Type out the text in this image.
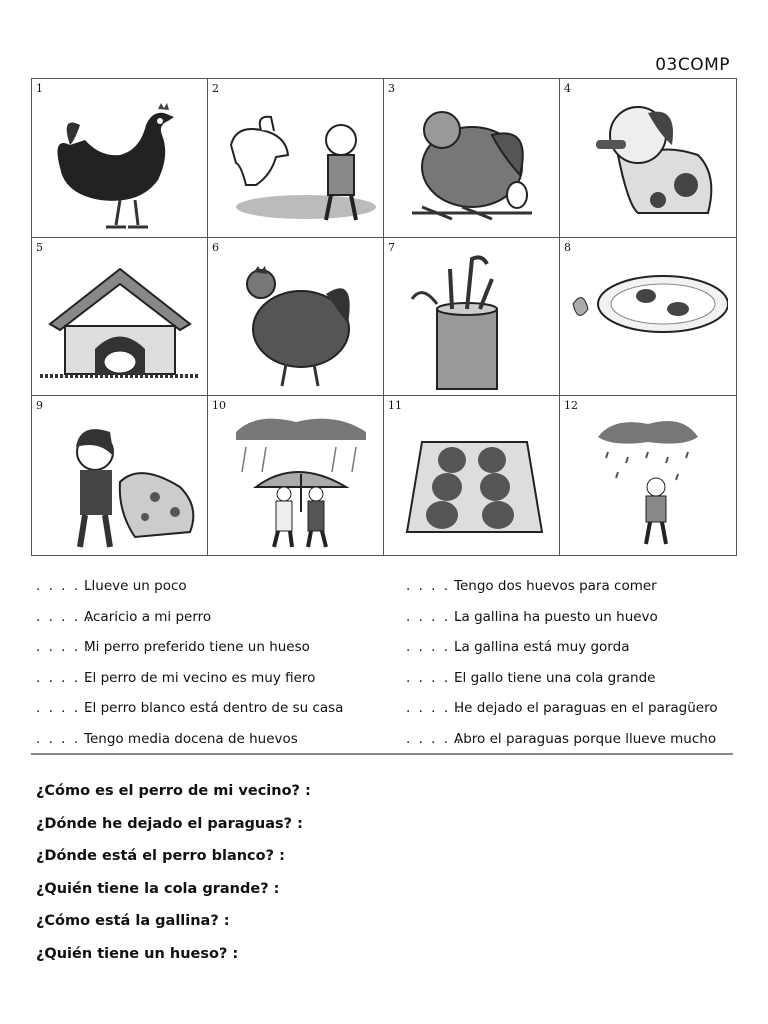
03COMP
1	2	3	4
5	6	7	8
9	10	11	12
. . . . .Llueve un poco
. . . . .Acaricio a mi perro
. . . . .Mi perro preferido tiene un hueso
. . . . .El perro de mi vecino es muy fiero
. . . . .El perro blanco está dentro de su casa
. . . . .Tengo media docena de huevos
. . . . .Tengo dos huevos para comer
. . . . .La gallina ha puesto un huevo
. . . . .La gallina está muy gorda
. . . . .El gallo tiene una cola grande
. . . . .He dejado el paraguas en el paragüero
. . . . .Abro el paraguas porque llueve mucho
¿Cómo es el perro de mi vecino? :
¿Dónde he dejado el paraguas? :
¿Dónde está el perro blanco? :
¿Quién tiene la cola grande? :
¿Cómo está la gallina? :
¿Quién tiene un hueso? :
